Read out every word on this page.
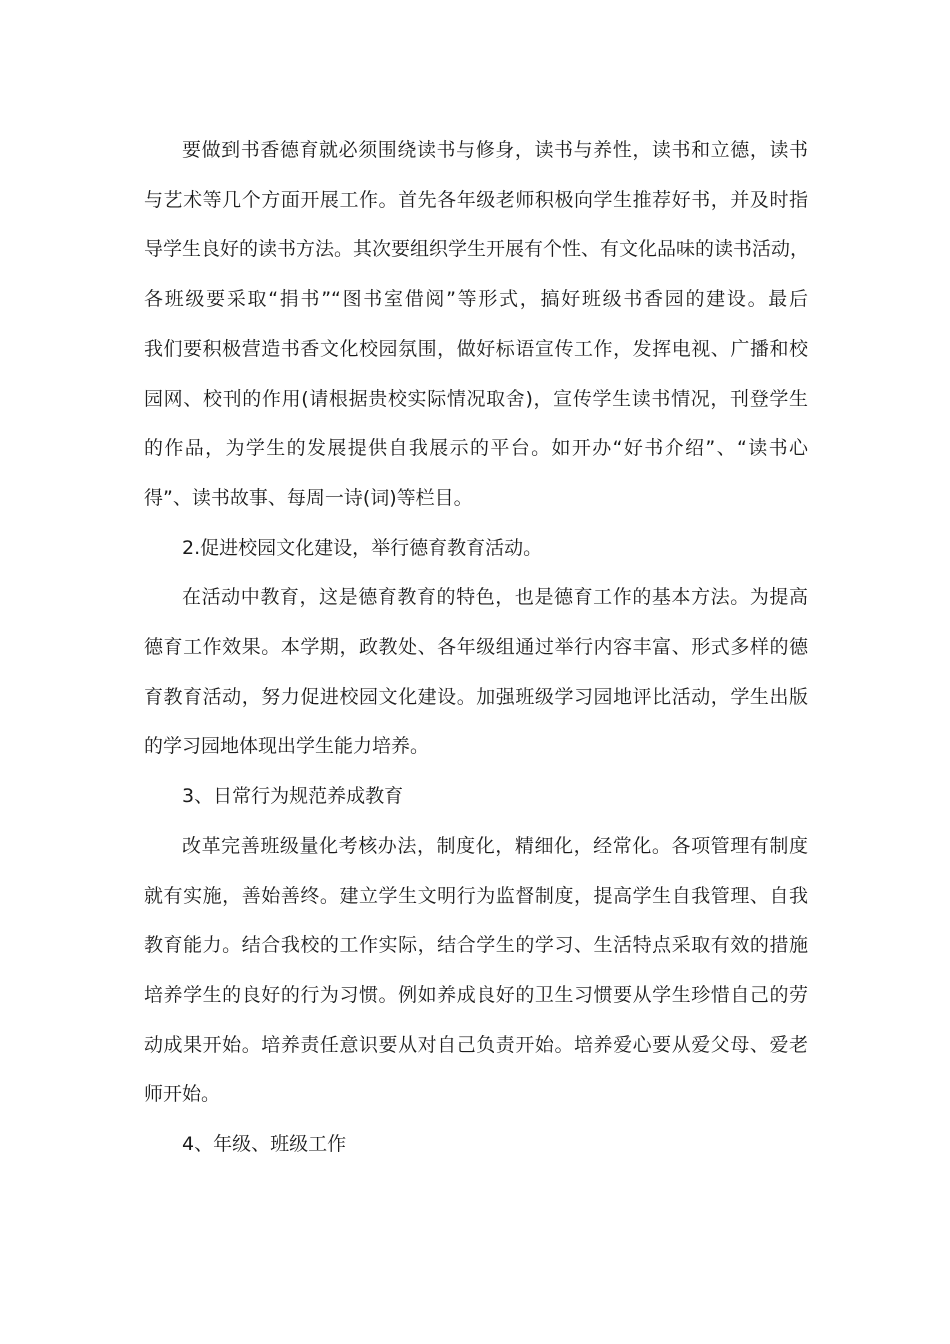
要做到书香德育就必须围绕读书与修身，读书与养性，读书和立德，读书
与艺术等几个方面开展工作。首先各年级老师积极向学生推荐好书，并及时指
导学生良好的读书方法。其次要组织学生开展有个性、有文化品味的读书活动，
各班级要采取“捐书”“图书室借阅”等形式，搞好班级书香园的建设。最后
我们要积极营造书香文化校园氛围，做好标语宣传工作，发挥电视、广播和校
园网、校刊的作用(请根据贵校实际情况取舍)，宣传学生读书情况，刊登学生
的作品，为学生的发展提供自我展示的平台。如开办“好书介绍”、“读书心
得”、读书故事、每周一诗(词)等栏目。
2.促进校园文化建设，举行德育教育活动。
在活动中教育，这是德育教育的特色，也是德育工作的基本方法。为提高
德育工作效果。本学期，政教处、各年级组通过举行内容丰富、形式多样的德
育教育活动，努力促进校园文化建设。加强班级学习园地评比活动，学生出版
的学习园地体现出学生能力培养。
3、日常行为规范养成教育
改革完善班级量化考核办法，制度化，精细化，经常化。各项管理有制度
就有实施，善始善终。建立学生文明行为监督制度，提高学生自我管理、自我
教育能力。结合我校的工作实际，结合学生的学习、生活特点采取有效的措施
培养学生的良好的行为习惯。例如养成良好的卫生习惯要从学生珍惜自己的劳
动成果开始。培养责任意识要从对自己负责开始。培养爱心要从爱父母、爱老
师开始。
4、年级、班级工作
